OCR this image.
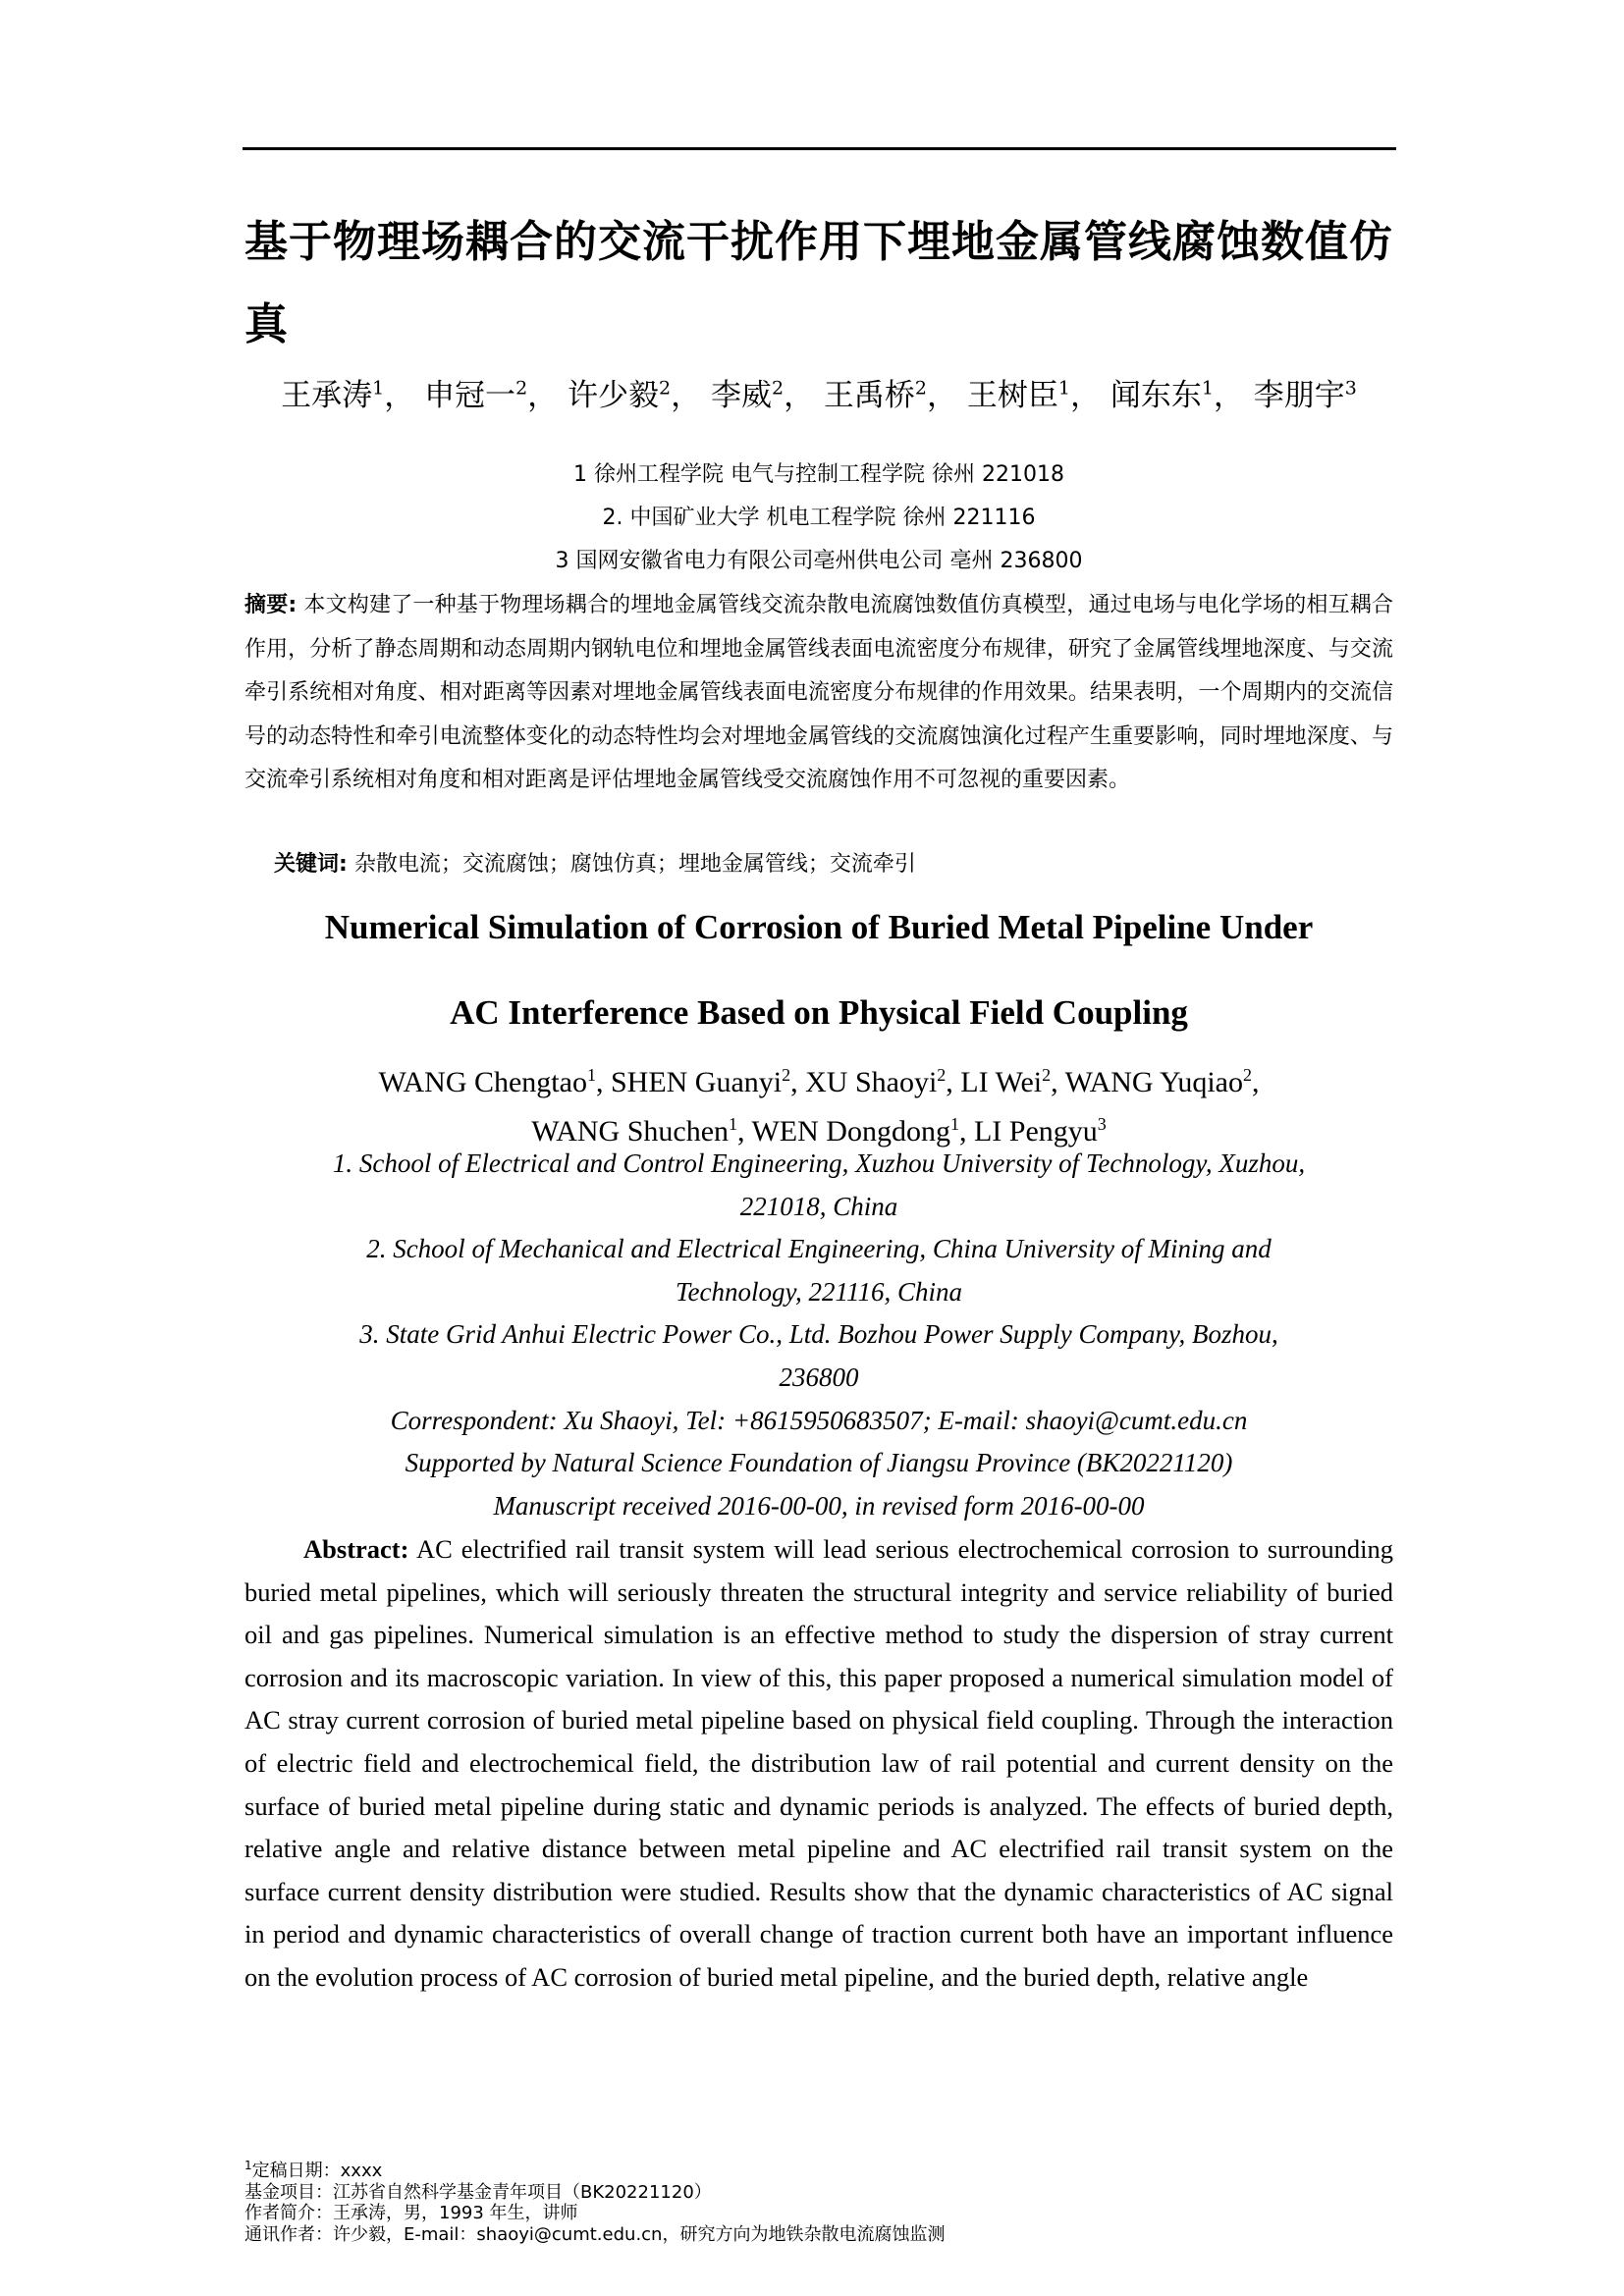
基于物理场耦合的交流干扰作用下埋地金属管线腐蚀数值仿真
王承涛$^1$， 申冠一$^2$， 许少毅$^2$， 李威$^2$， 王禹桥$^2$， 王树臣$^1$， 闻东东$^1$， 李朋宇$^3$
1 徐州工程学院 电气与控制工程学院 徐州 221018
2. 中国矿业大学 机电工程学院 徐州 221116
3 国网安徽省电力有限公司亳州供电公司 亳州 236800
摘要: 本文构建了一种基于物理场耦合的埋地金属管线交流杂散电流腐蚀数值仿真模型，通过电场与电化学场的相互耦合作用，分析了静态周期和动态周期内钢轨电位和埋地金属管线表面电流密度分布规律，研究了金属管线埋地深度、与交流牵引系统相对角度、相对距离等因素对埋地金属管线表面电流密度分布规律的作用效果。结果表明，一个周期内的交流信号的动态特性和牵引电流整体变化的动态特性均会对埋地金属管线的交流腐蚀演化过程产生重要影响，同时埋地深度、与交流牵引系统相对角度和相对距离是评估埋地金属管线受交流腐蚀作用不可忽视的重要因素。
关键词: 杂散电流；交流腐蚀；腐蚀仿真；埋地金属管线；交流牵引
Numerical Simulation of Corrosion of Buried Metal Pipeline Under
AC Interference Based on Physical Field Coupling
WANG Chengtao$^1$, SHEN Guanyi$^2$, XU Shaoyi$^2$, LI Wei$^2$, WANG Yuqiao$^2$,
WANG Shuchen$^1$, WEN Dongdong$^1$, LI Pengyu$^3$
1. School of Electrical and Control Engineering, Xuzhou University of Technology, Xuzhou,
221018, China
2. School of Mechanical and Electrical Engineering, China University of Mining and
Technology, 221116, China
3. State Grid Anhui Electric Power Co., Ltd. Bozhou Power Supply Company, Bozhou,
236800
Correspondent: Xu Shaoyi, Tel: +8615950683507; E-mail: shaoyi@cumt.edu.cn
Supported by Natural Science Foundation of Jiangsu Province (BK20221120)
Manuscript received 2016-00-00, in revised form 2016-00-00
Abstract: AC electrified rail transit system will lead serious electrochemical corrosion to surrounding buried metal pipelines, which will seriously threaten the structural integrity and service reliability of buried oil and gas pipelines. Numerical simulation is an effective method to study the dispersion of stray current corrosion and its macroscopic variation. In view of this, this paper proposed a numerical simulation model of AC stray current corrosion of buried metal pipeline based on physical field coupling. Through the interaction of electric field and electrochemical field, the distribution law of rail potential and current density on the surface of buried metal pipeline during static and dynamic periods is analyzed. The effects of buried depth, relative angle and relative distance between metal pipeline and AC electrified rail transit system on the surface current density distribution were studied. Results show that the dynamic characteristics of AC signal in period and dynamic characteristics of overall change of traction current both have an important influence on the evolution process of AC corrosion of buried metal pipeline, and the buried depth, relative angle
$^1$定稿日期：xxxx
基金项目：江苏省自然科学基金青年项目（BK20221120）
作者简介：王承涛，男，1993 年生，讲师
通讯作者：许少毅，E-mail：shaoyi@cumt.edu.cn，研究方向为地铁杂散电流腐蚀监测
